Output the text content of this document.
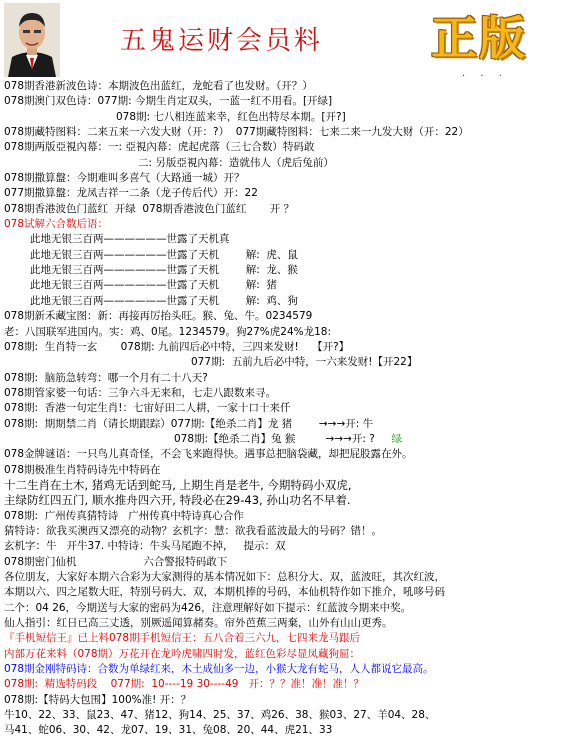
五鬼运财会员料 正版
. . .
078期香港新波色诗：本期波色出蓝红，龙蛇看了也发财。（开？）
078期澳门双色诗：077期: 今期生肖定双头，一蓝一红不用看。[开绿]
078期: 七八相连蓝来幸，红色出特尽本期。[开?]
078期藏特图料：二来五来一六发大财（开：?）  077期藏特图料：七来二来一九发大财（开：22）
078期两版亞視內幕：一: 亞視內幕：虎起虎落（三七合数）特码敢
二: 另版亞視內幕：造就伟人（虎后兔前）
078期撒算盤：今期难叫多喜气（大路通一城）开？
077期撒算盤：龙凤吉祥一二条（龙子传后代）开：22
078期香港波色门蓝红  开绿  078期香港波色门蓝红       开 ？
078试解六合数后语：
此地无银三百两——————世露了天机真
此地无银三百两——————世露了天机        解:  虎、鼠
此地无银三百两——————世露了天机        解:  龙、猴
此地无银三百两——————世露了天机        解:  猪
此地无银三百两——————世露了天机        解:  鸡、狗
078期新禾藏宝图：新：再接再厉抬头旺。猴、兔、牛。0234579
老：八国联军进国内。实：鸡、0尾。1234579。狗27%虎24%龙18:
078期:  生肖特一玄       078期: 九前四后必中特，三四来发财!    【开?】
077期:  五前九后必中特，一六来发财!【开22】
078期:  脑筋急转弯：哪一个月有二十八天?
078期管家婆一句话：三争六斗无来和，七走八跟数来寻。
078期:  香港一句定生肖!：七宙好田二人耕，一家十口十来仟
078期:  期期禁二肖（请长期跟踪）077期:【绝杀二肖】龙 猪        →→→开: 牛
078期:【绝杀二肖】兔 猴         →→→开: ? 绿
078金牌谜语：一只鸟儿真奇怪，不会飞来跑得快。遇事总把脑袋藏，却把屁股露在外。
078期极准生肖特码诗先中特码在
十二生肖在土木, 猪鸡无话到蛇马, 上期生肖是老牛, 今期特码小双虎,
主绿防红四五门, 顺水推舟四六开, 特段必在29-43, 孙山功名不早着.
078期:  广州传真猜特诗   广州传真中特诗真心合作
猜特诗：欲我买澳西又漂亮的动物？玄机字：慧：欲我看蓝波最大的号码？错！。
玄机字：牛   开牛37. 中特诗：牛头马尾跑不掉，   提示：双
078期密门仙机                    六合警报特码敢下
各位朋友，大家好本期六合彩为大家测得的基本情况如下：总积分大、双，蓝波旺，其次红波，
本期以六、四之尾数大旺，特别号码大、双，本期机捧的号码，本仙机特作如下推介，吼哆号码
二个：04 26，今期送与大家的密码为426，注意理解好如下提示：红蓝波今期来中奖。
仙人指引：红日已高三丈透，别厥遥闻算赭奏。帘外芭蕉三两棄，山外有山山更秀。
『手机短信王』已上料078期手机短信王：五八合着三六九，七四来龙马跟后
内部万花来料（078期）万花开在龙吟虎啸四时发，蓝红色彩尽显凤藏狗屈：
078期金刚特码诗：合数为单绿红来，木土成仙多一边，小猴大龙有蛇马，人人都说它最高。
078期:  精选特码段    077期:  10----19 30----49   开：？？准！准！准！？
078期:【特码大包围】100%准! 开：？
牛10、22、33、鼠23、47、猪12、狗14、25、37、鸡26、38、猴03、27、羊04、28、
马41、蛇06、30、42、龙07、19、31、兔08、20、44、虎21、33
